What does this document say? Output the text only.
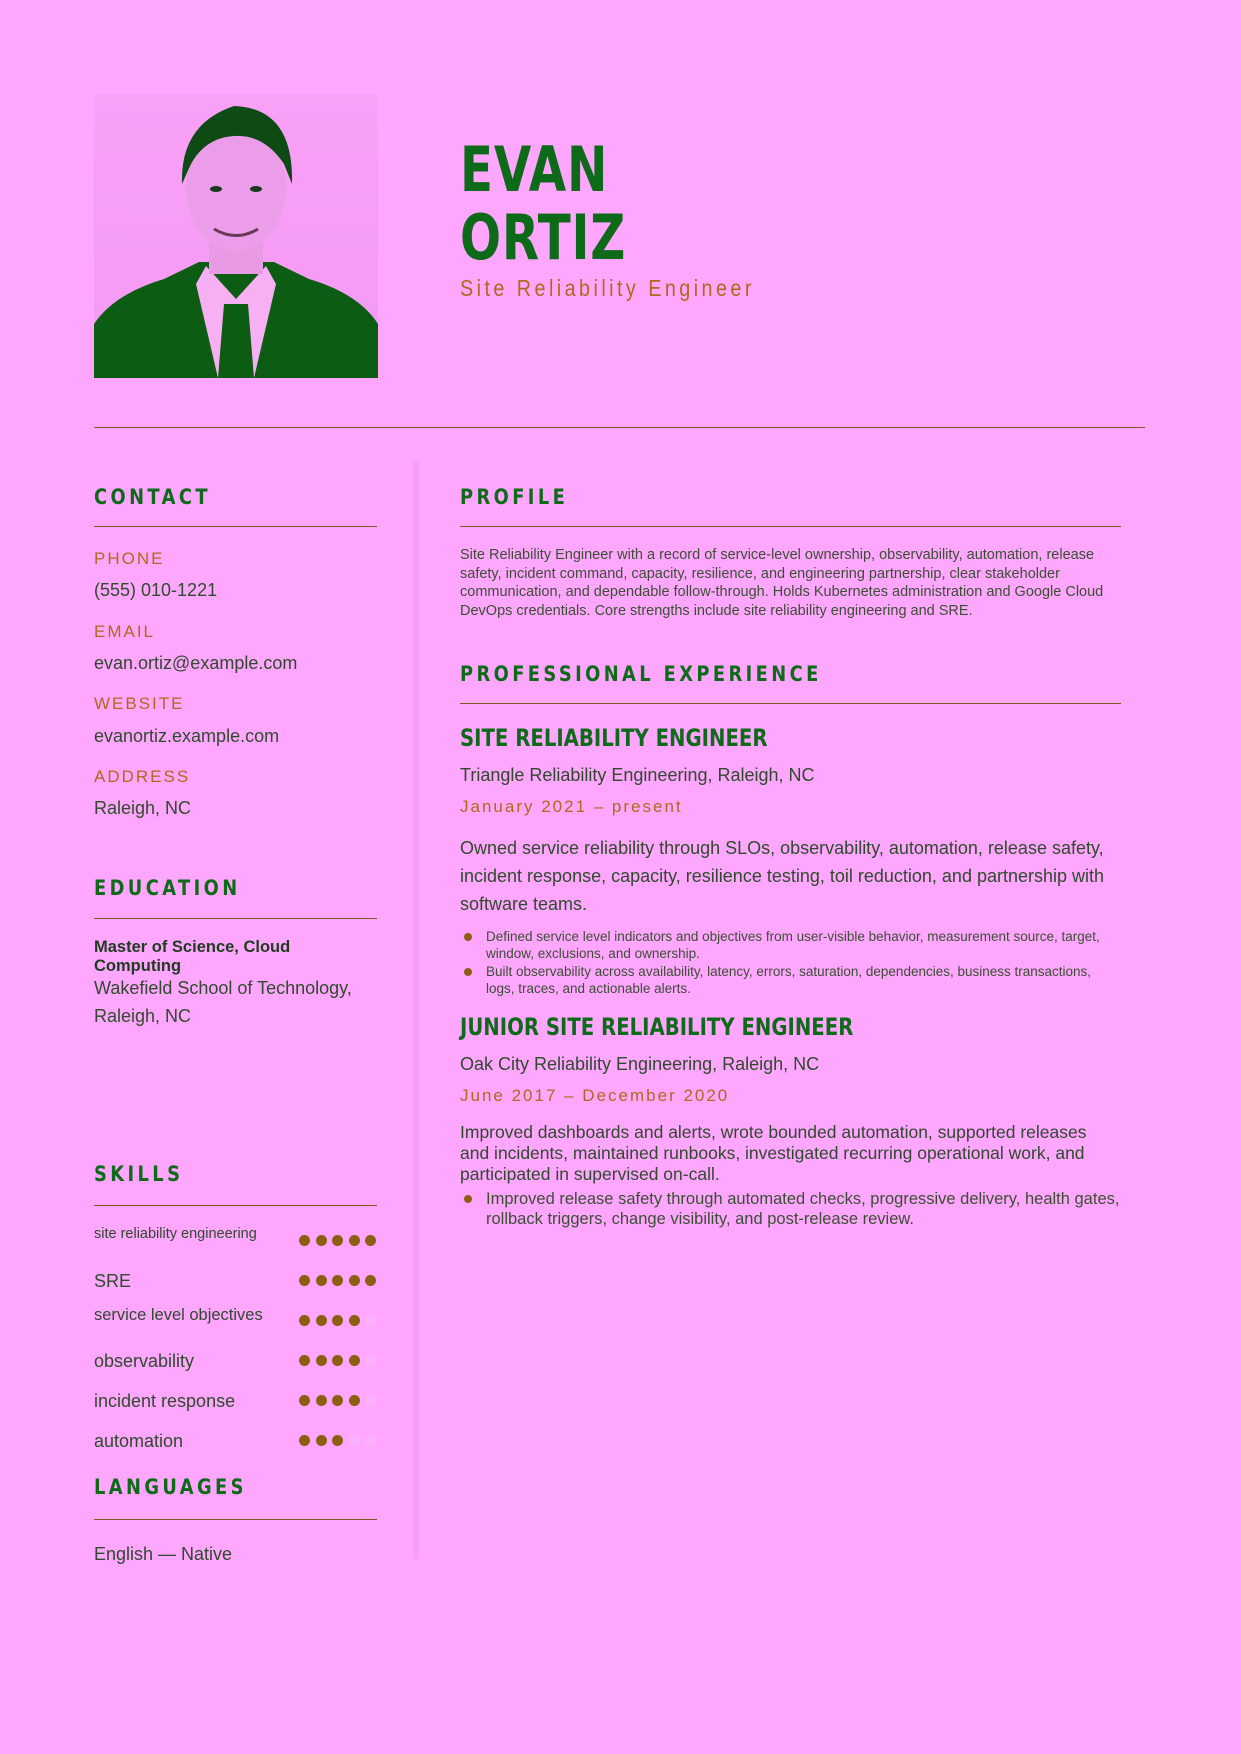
EVAN
ORTIZ
Site Reliability Engineer
CONTACT
PHONE
(555) 010-1221
EMAIL
evan.ortiz@example.com
WEBSITE
evanortiz.example.com
ADDRESS
Raleigh, NC
EDUCATION
Master of Science, Cloud Computing
Wakefield School of Technology, Raleigh, NC
SKILLS
site reliability engineering
SRE
service level objectives
observability
incident response
automation
LANGUAGES
English — Native
PROFILE
Site Reliability Engineer with a record of service-level ownership, observability, automation, release safety, incident command, capacity, resilience, and engineering partnership, clear stakeholder communication, and dependable follow-through. Holds Kubernetes administration and Google Cloud DevOps credentials. Core strengths include site reliability engineering and SRE.
PROFESSIONAL EXPERIENCE
SITE RELIABILITY ENGINEER
Triangle Reliability Engineering, Raleigh, NC
January 2021 – present
Owned service reliability through SLOs, observability, automation, release safety, incident response, capacity, resilience testing, toil reduction, and partnership with software teams.
Defined service level indicators and objectives from user-visible behavior, measurement source, target, window, exclusions, and ownership.
Built observability across availability, latency, errors, saturation, dependencies, business transactions, logs, traces, and actionable alerts.
JUNIOR SITE RELIABILITY ENGINEER
Oak City Reliability Engineering, Raleigh, NC
June 2017 – December 2020
Improved dashboards and alerts, wrote bounded automation, supported releases and incidents, maintained runbooks, investigated recurring operational work, and participated in supervised on-call.
Improved release safety through automated checks, progressive delivery, health gates, rollback triggers, change visibility, and post-release review.
